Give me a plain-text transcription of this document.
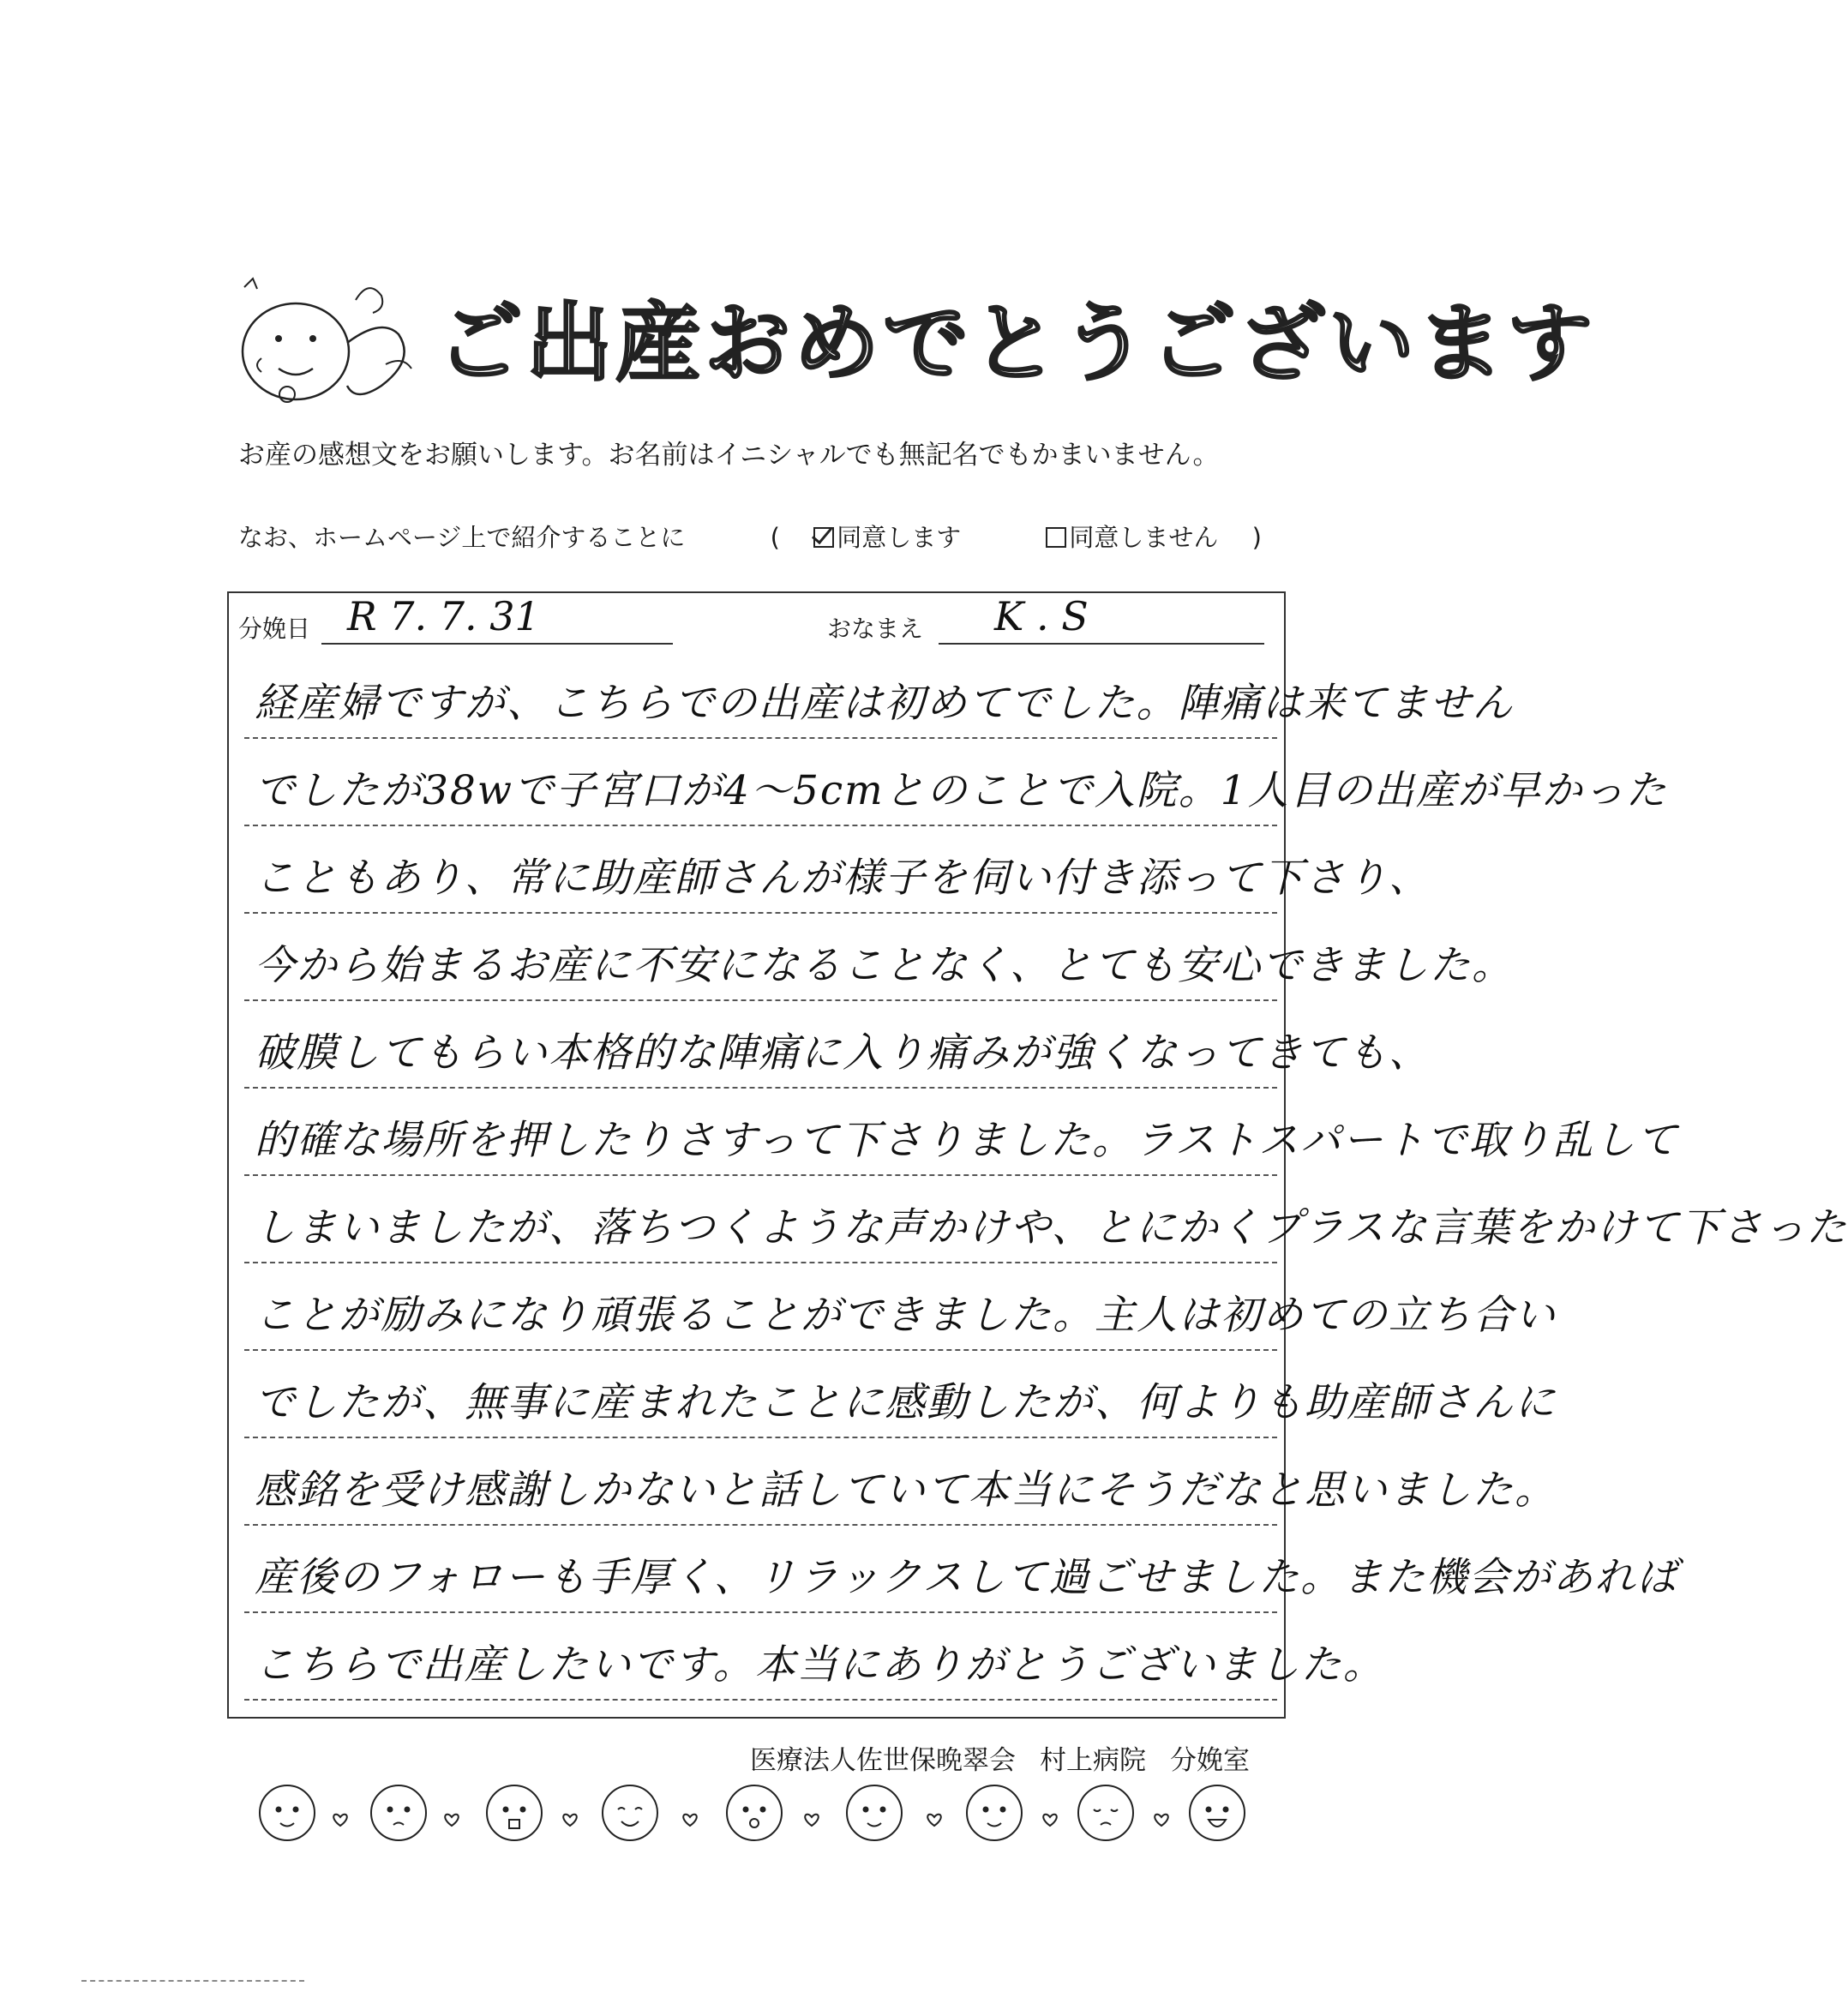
ご出産おめでとうございます
お産の感想文をお願いします。お名前はイニシャルでも無記名でもかまいません。
なお、ホームページ上で紹介することに	( 同意します	同意しません )
分娩日 R 7. 7. 31	おなまえ K . S
経産婦ですが、こちらでの出産は初めてでした。陣痛は来てません
でしたが38wで子宮口が4～5cmとのことで入院。1人目の出産が早かった
こともあり、常に助産師さんが様子を伺い付き添って下さり、
今から始まるお産に不安になることなく、とても安心できました。
破膜してもらい本格的な陣痛に入り痛みが強くなってきても、
的確な場所を押したりさすって下さりました。ラストスパートで取り乱して
しまいましたが、落ちつくような声かけや、とにかくプラスな言葉をかけて下さった
ことが励みになり頑張ることができました。主人は初めての立ち合い
でしたが、無事に産まれたことに感動したが、何よりも助産師さんに
感銘を受け感謝しかないと話していて本当にそうだなと思いました。
産後のフォローも手厚く、リラックスして過ごせました。また機会があれば
こちらで出産したいです。本当にありがとうございました。
医療法人佐世保晩翠会 村上病院 分娩室
